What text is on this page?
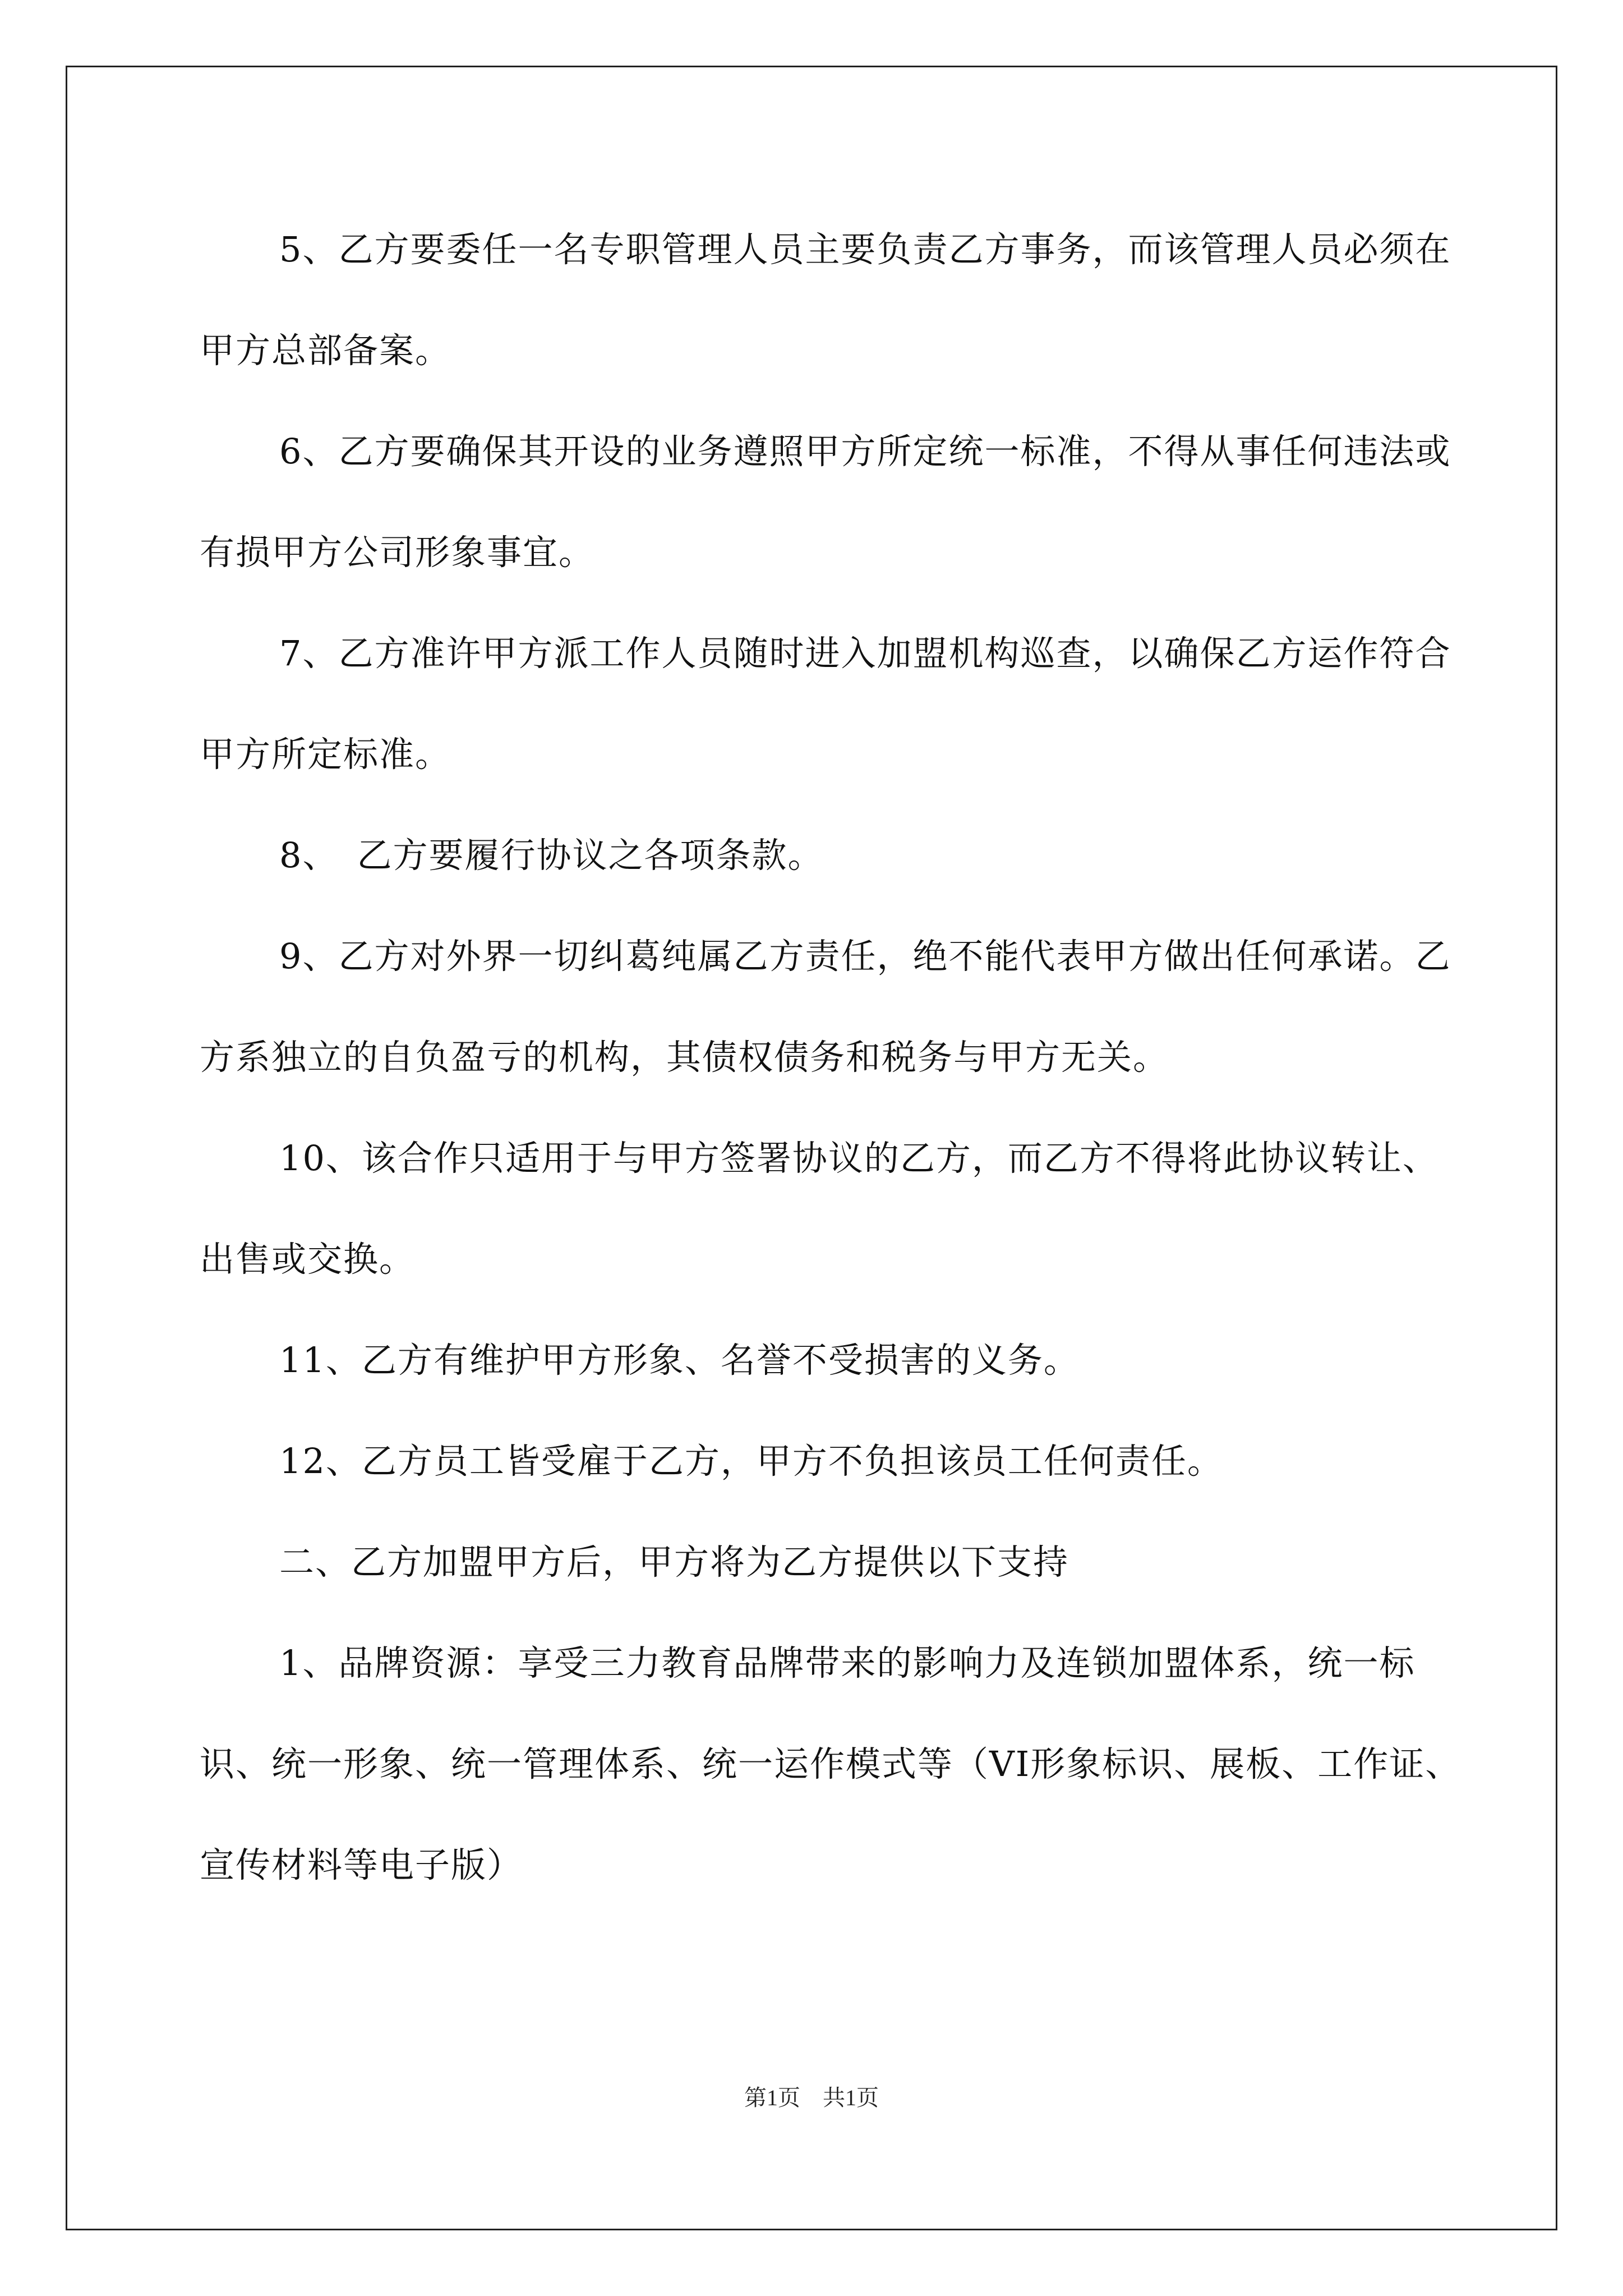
5、乙方要委任一名专职管理人员主要负责乙方事务，而该管理人员必须在甲方总部备案。

6、乙方要确保其开设的业务遵照甲方所定统一标准，不得从事任何违法或有损甲方公司形象事宜。

7、乙方准许甲方派工作人员随时进入加盟机构巡查，以确保乙方运作符合甲方所定标准。

8、　乙方要履行协议之各项条款。

9、乙方对外界一切纠葛纯属乙方责任，绝不能代表甲方做出任何承诺。乙方系独立的自负盈亏的机构，其债权债务和税务与甲方无关。

10、该合作只适用于与甲方签署协议的乙方，而乙方不得将此协议转让、出售或交换。

11、乙方有维护甲方形象、名誉不受损害的义务。

12、乙方员工皆受雇于乙方，甲方不负担该员工任何责任。

二、乙方加盟甲方后，甲方将为乙方提供以下支持

1、品牌资源：享受三力教育品牌带来的影响力及连锁加盟体系，统一标识、统一形象、统一管理体系、统一运作模式等（VI形象标识、展板、工作证、宣传材料等电子版）

第1页　共1页
